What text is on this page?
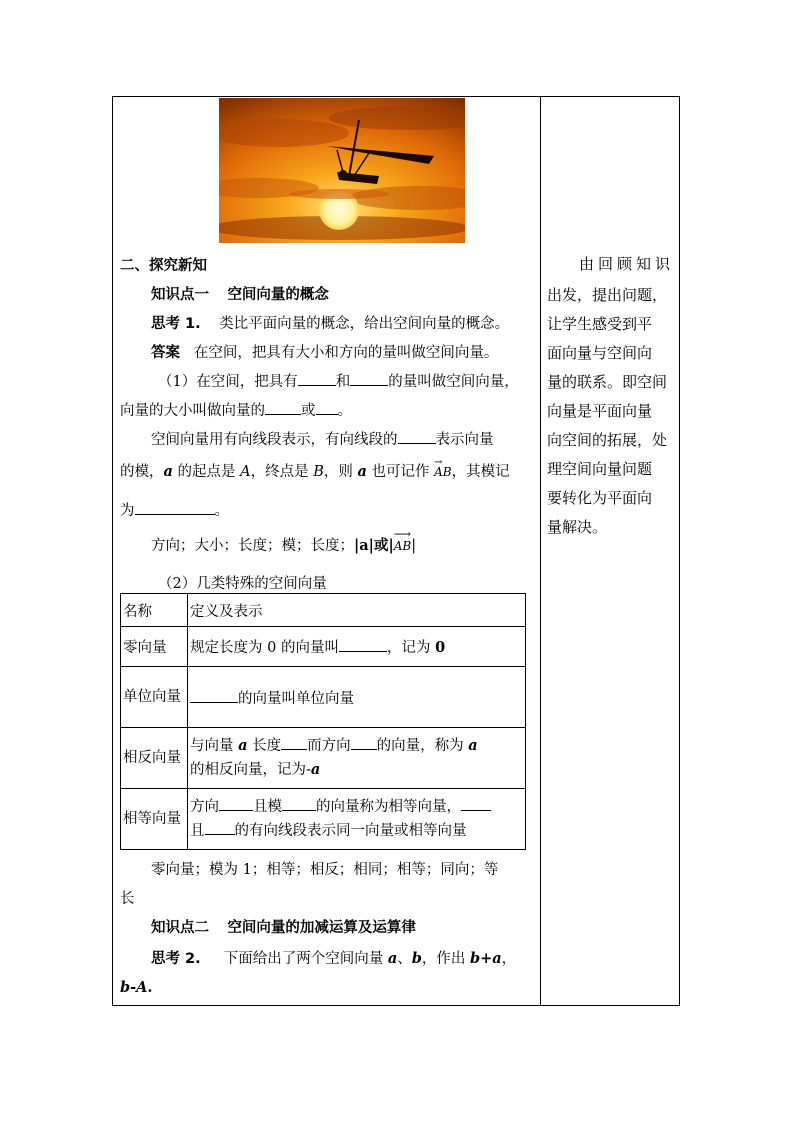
二、探究新知
知识点一 空间向量的概念
思考 1. 类比平面向量的概念，给出空间向量的概念。
答案 在空间，把具有大小和方向的量叫做空间向量。
（1）在空间，把具有	和	的量叫做空间向量，
向量的大小叫做向量的 或 。
空间向量用有向线段表示，有向线段的	表示向量
的模，a 的起点是 A，终点是 B，则 a 也可记作
→
AB，其模记
为	。
方向；大小；长度；模；长度；|a|或|
⟶
AB|
（2）几类特殊的空间向量
名称	定义及表示
零向量	规定长度为 0 的向量叫 ，记为 0
单位向量	的向量叫单位向量
相反向量	与向量 a 长度 而方向 的向量，称为 a
的相反向量，记为-a
相等向量	方向 且模 的向量称为相等向量，
且 的有向线段表示同一向量或相等向量
零向量；模为 1；相等；相反；相同；相等；同向；等
长
知识点二 空间向量的加减运算及运算律
思考 2. 下面给出了两个空间向量 a、b，作出 b+a，
b-A.
由回顾知识
出发，提出问题，
让学生感受到平
面向量与空间向
量的联系。即空间
向量是平面向量
向空间的拓展，处
理空间向量问题
要转化为平面向
量解决。
